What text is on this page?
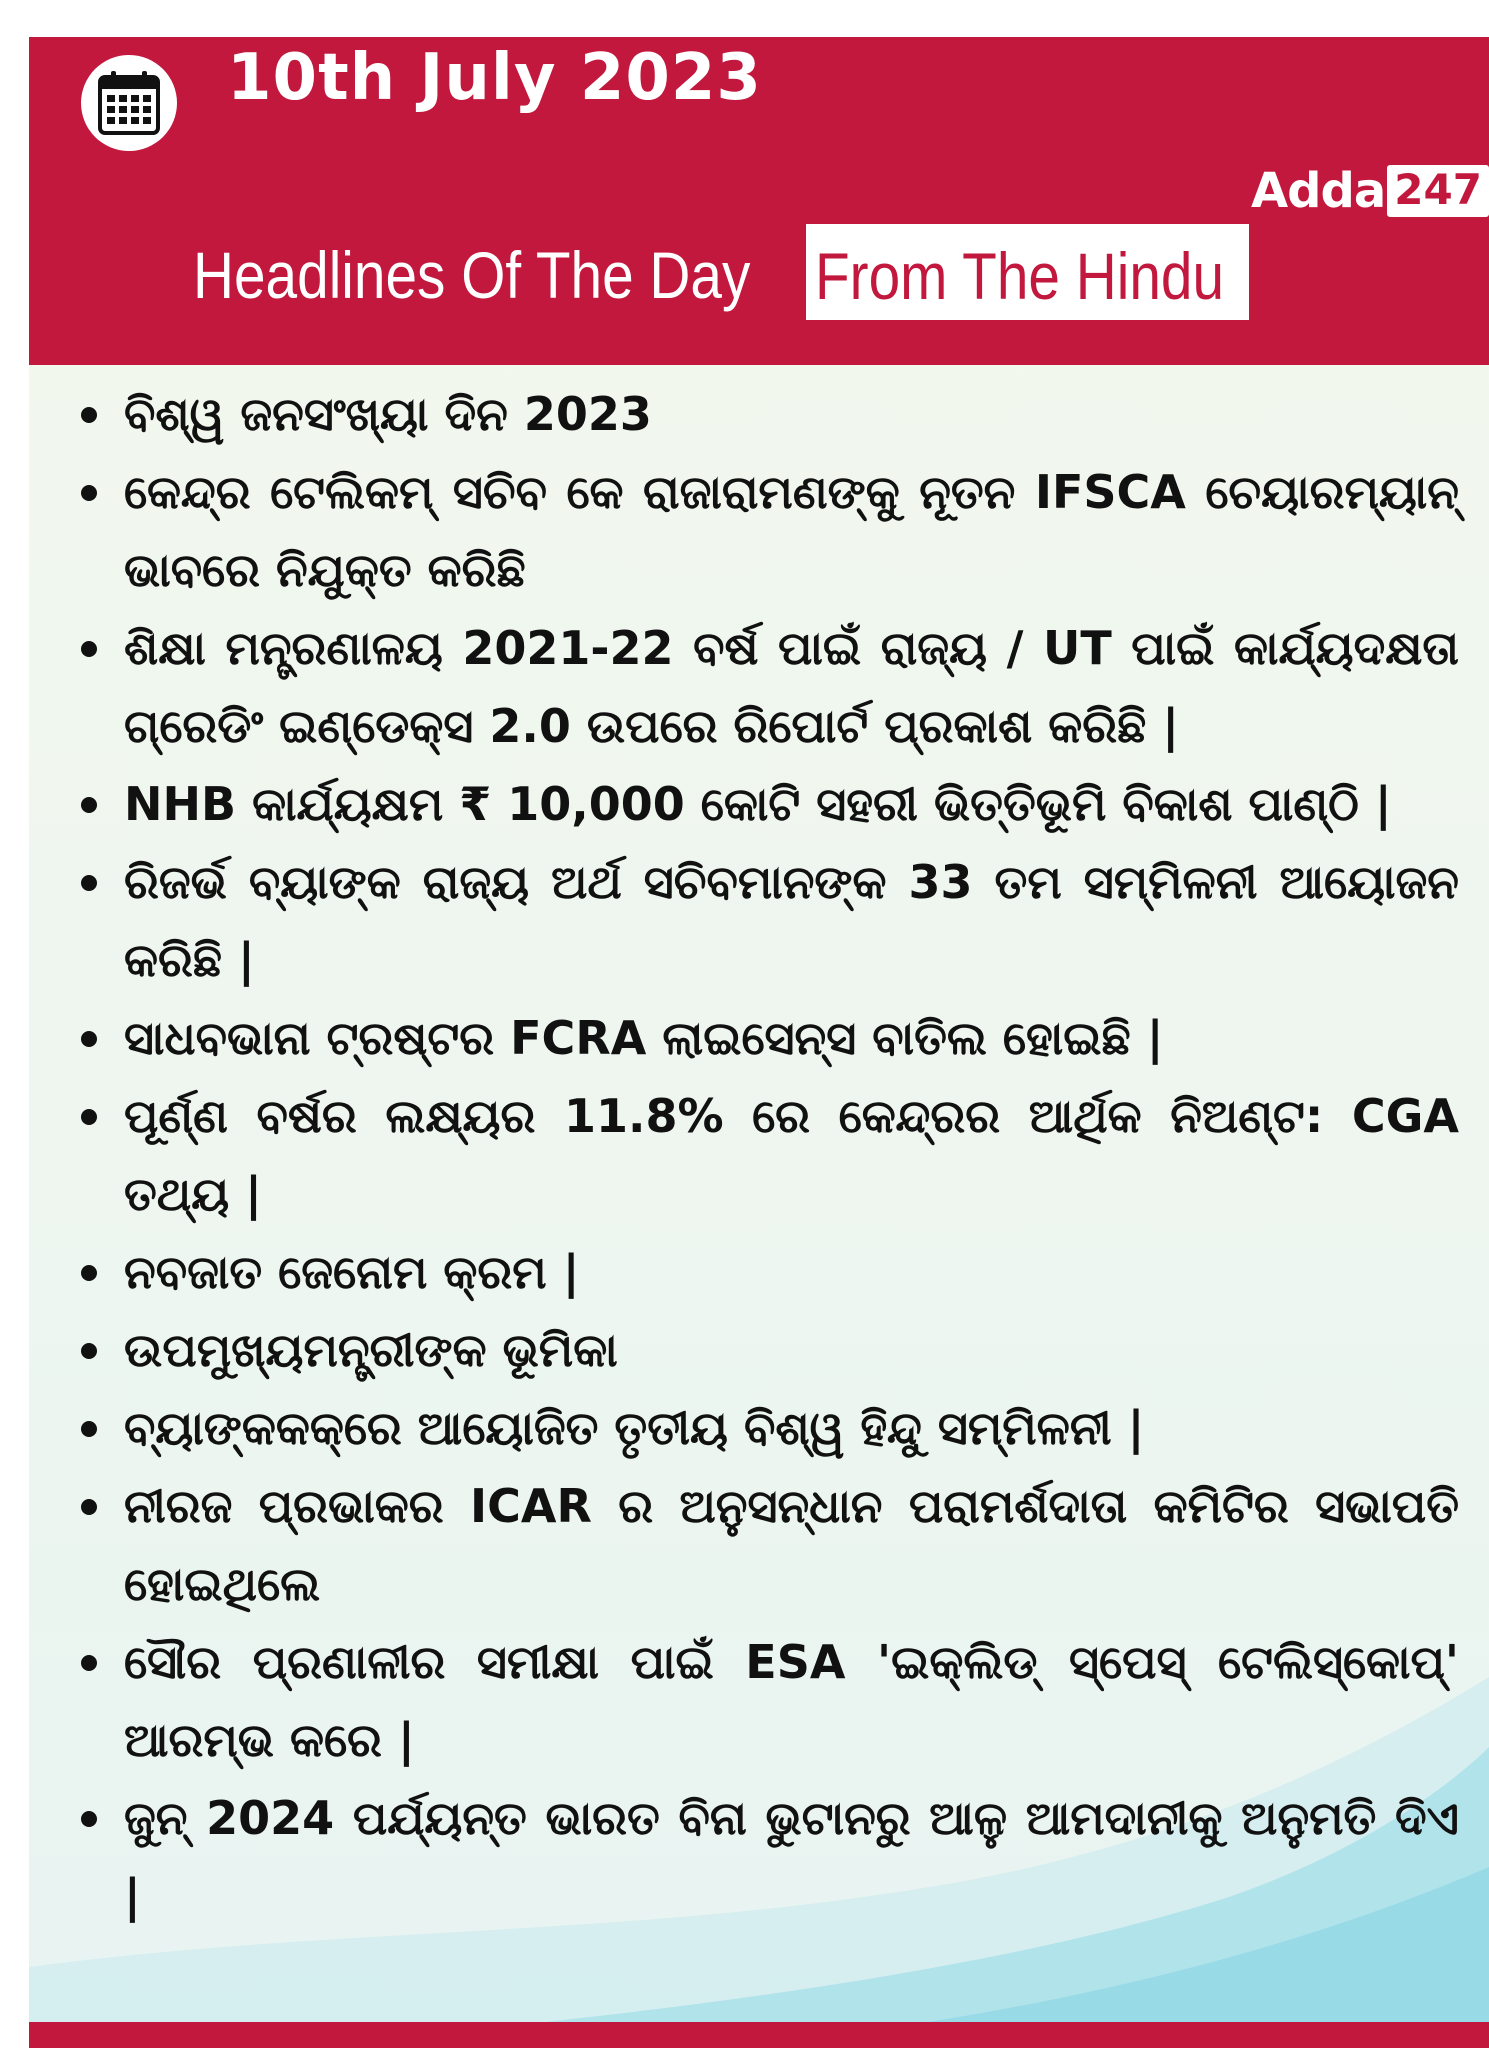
10th July 2023
Adda 247
Headlines Of The Day From The Hindu
ବିଶ୍ୱ ଜନସଂଖ୍ୟା ଦିନ 2023
କେନ୍ଦ୍ର ଟେଲିକମ୍ ସଚିବ କେ ରାଜାରାମଣଙ୍କୁ ନୂତନ IFSCA ଚେୟାରମ୍ୟାନ୍ ଭାବରେ ନିଯୁକ୍ତ କରିଛି
ଶିକ୍ଷା ମନ୍ତ୍ରଣାଳୟ 2021-22 ବର୍ଷ ପାଇଁ ରାଜ୍ୟ / UT ପାଇଁ କାର୍ଯ୍ୟଦକ୍ଷତା ଗ୍ରେଡିଂ ଇଣ୍ଡେକ୍ସ 2.0 ଉପରେ ରିପୋର୍ଟ ପ୍ରକାଶ କରିଛି |
NHB କାର୍ଯ୍ୟକ୍ଷମ ₹ 10,000 କୋଟି ସହରୀ ଭିତ୍ତିଭୂମି ବିକାଶ ପାଣ୍ଠି |
ରିଜର୍ଭ ବ୍ୟାଙ୍କ ରାଜ୍ୟ ଅର୍ଥ ସଚିବମାନଙ୍କ 33 ତମ ସମ୍ମିଳନୀ ଆୟୋଜନ କରିଛି |
ସାଧବଭାନା ଟ୍ରଷ୍ଟର FCRA ଲାଇସେନ୍ସ ବାତିଲ ହୋଇଛି |
ପୂର୍ଣ୍ଣ ବର୍ଷର ଲକ୍ଷ୍ୟର 11.8% ରେ କେନ୍ଦ୍ରର ଆର୍ଥିକ ନିଅଣ୍ଟ: CGA ତଥ୍ୟ |
ନବଜାତ ଜେନୋମ କ୍ରମ |
ଉପମୁଖ୍ୟମନ୍ତ୍ରୀଙ୍କ ଭୂମିକା
ବ୍ୟାଙ୍କକକ୍ରେ ଆୟୋଜିତ ତୃତୀୟ ବିଶ୍ୱ ହିନ୍ଦୁ ସମ୍ମିଳନୀ |
ନୀରଜ ପ୍ରଭାକର ICAR ର ଅନୁସନ୍ଧାନ ପରାମର୍ଶଦାତା କମିଟିର ସଭାପତି ହୋଇଥିଲେ
ସୌର ପ୍ରଣାଳୀର ସମୀକ୍ଷା ପାଇଁ ESA 'ଇକ୍ଲିଡ୍ ସ୍ପେସ୍ ଟେଲିସ୍କୋପ୍' ଆରମ୍ଭ କରେ |
ଜୁନ୍ 2024 ପର୍ଯ୍ୟନ୍ତ ଭାରତ ବିନା ଭୁଟାନରୁ ଆଳୁ ଆମଦାନୀକୁ ଅନୁମତି ଦିଏ |
